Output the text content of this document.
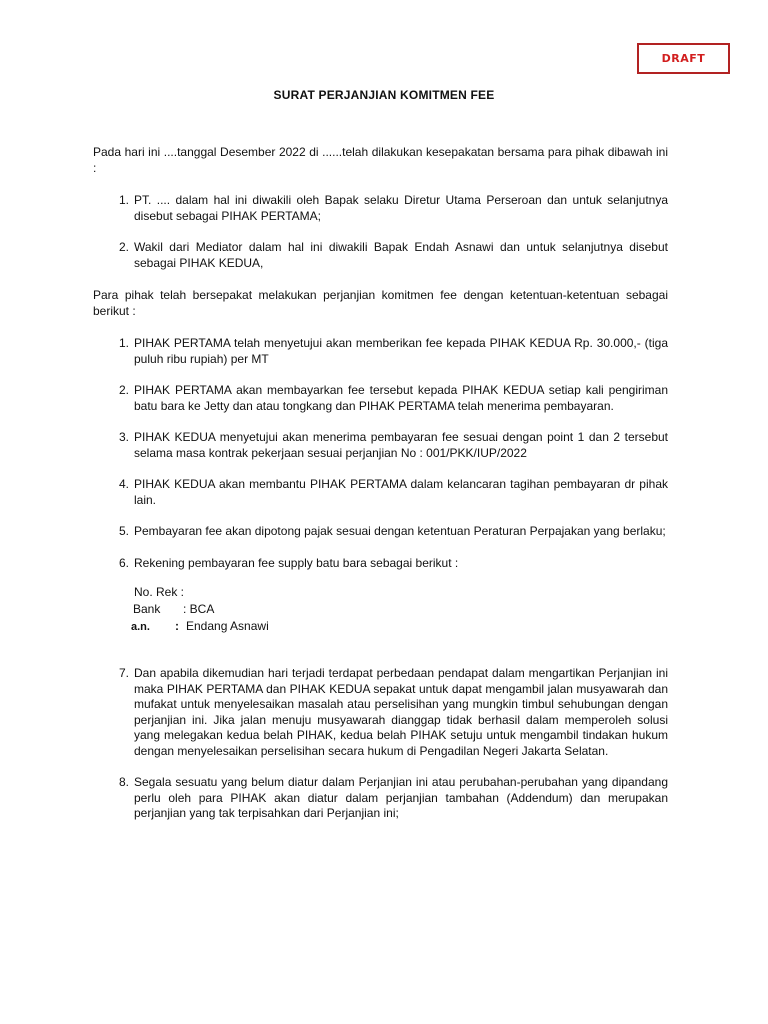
DRAFT
SURAT PERJANJIAN KOMITMEN FEE

Pada hari ini ....tanggal Desember 2022 di ......telah dilakukan kesepakatan bersama para pihak dibawah ini :

1. PT. .... dalam hal ini diwakili oleh Bapak selaku Diretur Utama Perseroan dan untuk selanjutnya disebut sebagai PIHAK PERTAMA;
2. Wakil dari Mediator dalam hal ini diwakili Bapak Endah Asnawi dan untuk selanjutnya disebut sebagai PIHAK KEDUA,

Para pihak telah bersepakat melakukan perjanjian komitmen fee dengan ketentuan-ketentuan sebagai berikut :

1. PIHAK PERTAMA telah menyetujui akan memberikan fee kepada PIHAK KEDUA Rp. 30.000,- (tiga puluh ribu rupiah) per MT
2. PIHAK PERTAMA akan membayarkan fee tersebut kepada PIHAK KEDUA setiap kali pengiriman batu bara ke Jetty dan atau tongkang dan PIHAK PERTAMA telah menerima pembayaran.
3. PIHAK KEDUA menyetujui akan menerima pembayaran fee sesuai dengan point 1 dan 2 tersebut selama masa kontrak pekerjaan sesuai perjanjian No : 001/PKK/IUP/2022
4. PIHAK KEDUA akan membantu PIHAK PERTAMA dalam kelancaran tagihan pembayaran dr pihak lain.
5. Pembayaran fee akan dipotong pajak sesuai dengan ketentuan Peraturan Perpajakan yang berlaku;
6. Rekening pembayaran fee supply batu bara sebagai berikut :
No. Rek :
Bank : BCA
a.n. : Endang Asnawi
7. Dan apabila dikemudian hari terjadi terdapat perbedaan pendapat dalam mengartikan Perjanjian ini maka PIHAK PERTAMA dan PIHAK KEDUA sepakat untuk dapat mengambil jalan musyawarah dan mufakat untuk menyelesaikan masalah atau perselisihan yang mungkin timbul sehubungan dengan perjanjian ini. Jika jalan menuju musyawarah dianggap tidak berhasil dalam memperoleh solusi yang melegakan kedua belah PIHAK, kedua belah PIHAK setuju untuk mengambil tindakan hukum dengan menyelesaikan perselisihan secara hukum di Pengadilan Negeri Jakarta Selatan.
8. Segala sesuatu yang belum diatur dalam Perjanjian ini atau perubahan-perubahan yang dipandang perlu oleh para PIHAK akan diatur dalam perjanjian tambahan (Addendum) dan merupakan perjanjian yang tak terpisahkan dari Perjanjian ini;
